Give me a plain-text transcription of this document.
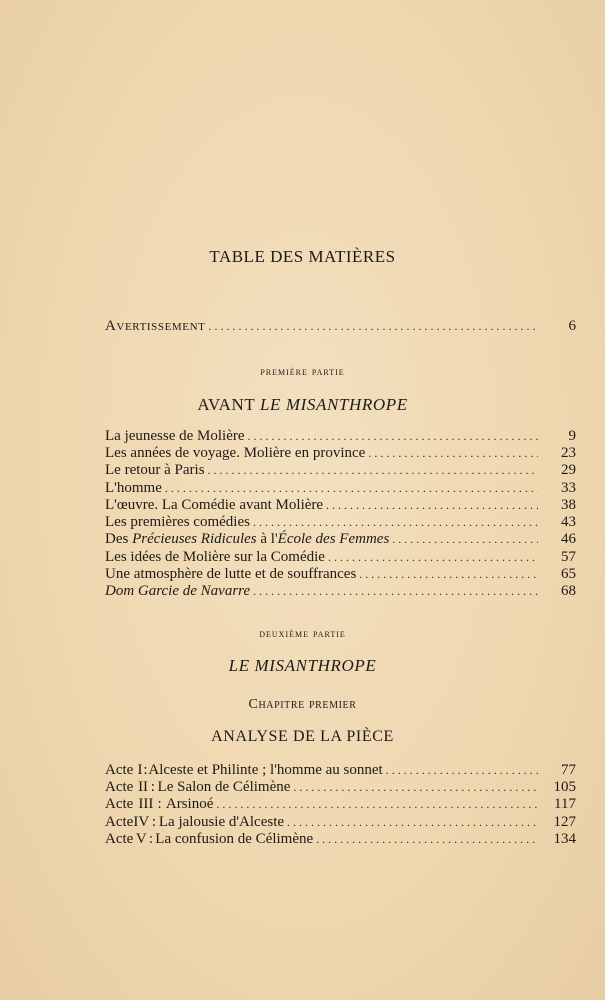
TABLE DES MATIÈRES
Avertissement . . .	6
première partie
AVANT LE MISANTHROPE
La jeunesse de Molière . . .	9
Les années de voyage. Molière en province . . .	23
Le retour à Paris . . .	29
L'homme . . .	33
L'œuvre. La Comédie avant Molière . . .	38
Les premières comédies . . .	43
Des Précieuses Ridicules à l'École des Femmes . . .	46
Les idées de Molière sur la Comédie . . .	57
Une atmosphère de lutte et de souffrances . . .	65
Dom Garcie de Navarre . . .	68
deuxième partie
LE MISANTHROPE
Chapitre premier
ANALYSE DE LA PIÈCE
Acte I : Alceste et Philinte ; l'homme au sonnet . . .	77
Acte II : Le Salon de Célimène . . .	105
Acte III : Arsinoé . . .	117
Acte IV : La jalousie d'Alceste . . .	127
Acte V : La confusion de Célimène . . .	134
